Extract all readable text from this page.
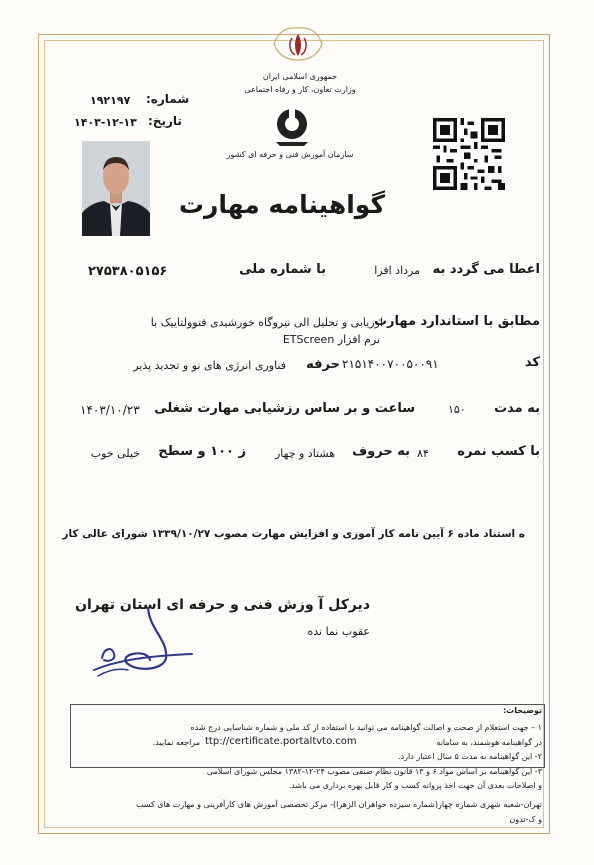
جمهوری اسلامی ایران
وزارت تعاون، کار و رفاه اجتماعی
سازمان آموزش فنی و حرفه ای کشور
شماره:
۱۹۲۱۹۷
تاریخ:
۱۴۰۳-۱۲-۱۳
گواهینامه مهارت
اعطا می گردد به
مرداد افرا
با شماره ملی
۲۷۵۳۸۰۵۱۵۶
مطابق با استاندارد مهارت
ارزیابی و تحلیل الی نیروگاه خورشیدی فتوولتاییک با
نرم افزار ETScreen
کد
۲۱۵۱۴۰۰۷۰۰۵۰۰۹۱
حرفه
فناوری انرژی های نو و تجدید پذیر
به مدت
۱۵۰
ساعت و بر ساس رزشیابی مهارت شغلی
۱۴۰۳/۱۰/۲۳
با کسب نمره
۸۴
به حروف
هشتاد و چهار
ز ۱۰۰ و سطح
خیلی خوب
ه استناد ماده ۶ آیین نامه کار آموزی و افزایش مهارت مصوب ۱۳۳۹/۱۰/۲۷ شورای عالی کار
دیرکل آ وزش فنی و حرفه ای استان تهران
عقوب نما نده
توضیحات:
۱ – جهت استعلام از صحت و اصالت گواهینامه می توانید با استفاده از کد ملی و شماره شناسایی درج شده
در گواهینامه هوشمند، به سامانه
ttp://certificate.portaltvto.com
مراجعه نمایید.
۲- این گواهینامه به مدت ۵ سال اعتبار دارد.
۳- این گواهینامه بر اساس مواد ۶ و ۱۳ قانون نظام صنفی مصوب ۲۴-۱۲-۱۳۸۲ مجلس شورای اسلامی
و اصلاحات بعدی آن جهت اخذ پروانه کسب و کار قابل بهره برداری می باشد.
تهران-شعبه شهری شماره چهار(شماره سیزده خواهران الزهرا)- مرکز تخصصی آموزش های کارآفرینی و مهارت های کسب
و ک-تدون
